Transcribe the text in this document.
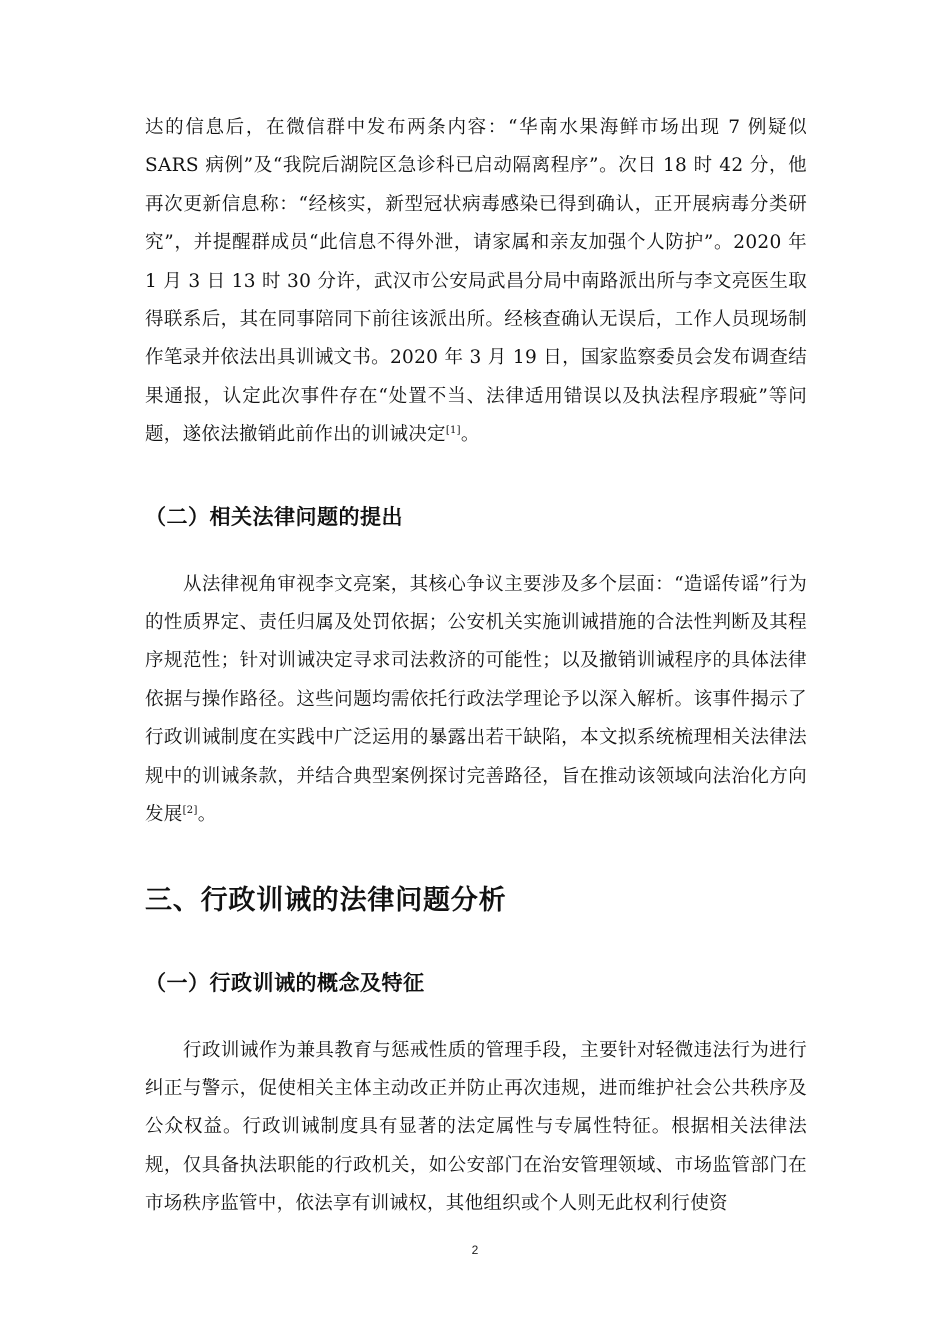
达的信息后，在微信群中发布两条内容：“华南水果海鲜市场出现 7 例疑似 SARS 病例”及“我院后湖院区急诊科已启动隔离程序”。次日 18 时 42 分，他再次更新信息称：“经核实，新型冠状病毒感染已得到确认，正开展病毒分类研究”，并提醒群成员“此信息不得外泄，请家属和亲友加强个人防护”。2020 年 1 月 3 日 13 时 30 分许，武汉市公安局武昌分局中南路派出所与李文亮医生取得联系后，其在同事陪同下前往该派出所。经核查确认无误后，工作人员现场制作笔录并依法出具训诫文书。2020 年 3 月 19 日，国家监察委员会发布调查结果通报，认定此次事件存在“处置不当、法律适用错误以及执法程序瑕疵”等问题，遂依法撤销此前作出的训诫决定[1]。

（二）相关法律问题的提出

从法律视角审视李文亮案，其核心争议主要涉及多个层面：“造谣传谣”行为的性质界定、责任归属及处罚依据；公安机关实施训诫措施的合法性判断及其程序规范性；针对训诫决定寻求司法救济的可能性；以及撤销训诫程序的具体法律依据与操作路径。这些问题均需依托行政法学理论予以深入解析。该事件揭示了行政训诫制度在实践中广泛运用的暴露出若干缺陷，本文拟系统梳理相关法律法规中的训诫条款，并结合典型案例探讨完善路径，旨在推动该领域向法治化方向发展[2]。

三、行政训诫的法律问题分析
（一）行政训诫的概念及特征

行政训诫作为兼具教育与惩戒性质的管理手段，主要针对轻微违法行为进行纠正与警示，促使相关主体主动改正并防止再次违规，进而维护社会公共秩序及公众权益。行政训诫制度具有显著的法定属性与专属性特征。根据相关法律法规，仅具备执法职能的行政机关，如公安部门在治安管理领域、市场监管部门在市场秩序监管中，依法享有训诫权，其他组织或个人则无此权利行使资

2
